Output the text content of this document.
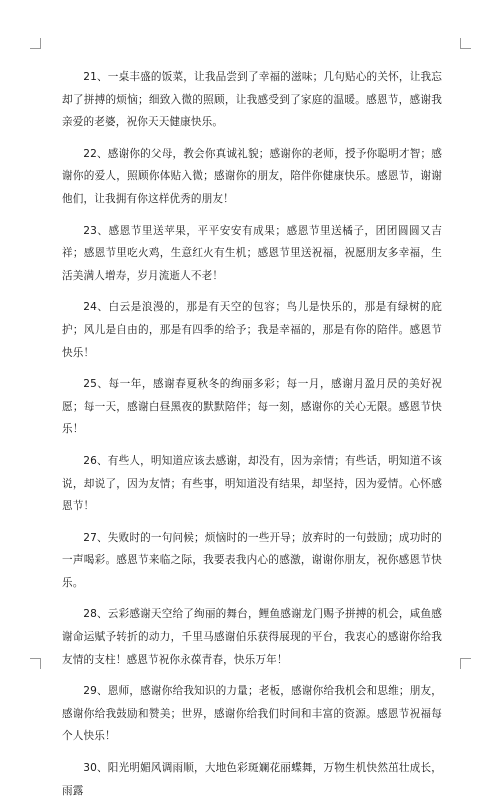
21、一桌丰盛的饭菜，让我品尝到了幸福的滋味；几句贴心的关怀，让我忘却了拼搏的烦恼；细致入微的照顾，让我感受到了家庭的温暖。感恩节，感谢我亲爱的老婆，祝你天天健康快乐。

22、感谢你的父母，教会你真诚礼貌；感谢你的老师，授予你聪明才智；感谢你的爱人，照顾你体贴入微；感谢你的朋友，陪伴你健康快乐。感恩节，谢谢他们，让我拥有你这样优秀的朋友！

23、感恩节里送苹果，平平安安有成果；感恩节里送橘子，团团圆圆又吉祥；感恩节里吃火鸡，生意红火有生机；感恩节里送祝福，祝愿朋友多幸福，生活美满人增寿，岁月流逝人不老！

24、白云是浪漫的，那是有天空的包容；鸟儿是快乐的，那是有绿树的庇护；风儿是自由的，那是有四季的给予；我是幸福的，那是有你的陪伴。感恩节快乐！

25、每一年，感谢春夏秋冬的绚丽多彩；每一月，感谢月盈月昃的美好祝愿；每一天，感谢白昼黑夜的默默陪伴；每一刻，感谢你的关心无限。感恩节快乐！

26、有些人，明知道应该去感谢，却没有，因为亲情；有些话，明知道不该说，却说了，因为友情；有些事，明知道没有结果，却坚持，因为爱情。心怀感恩节！

27、失败时的一句问候；烦恼时的一些开导；放弃时的一句鼓励；成功时的一声喝彩。感恩节来临之际，我要表我内心的感激，谢谢你朋友，祝你感恩节快乐。

28、云彩感谢天空给了绚丽的舞台，鲤鱼感谢龙门赐予拼搏的机会，咸鱼感谢命运赋予转折的动力，千里马感谢伯乐获得展现的平台，我衷心的感谢你给我友情的支柱！感恩节祝你永葆青春，快乐万年！

29、恩师，感谢你给我知识的力量；老板，感谢你给我机会和思维；朋友，感谢你给我鼓励和赞美；世界，感谢你给我们时间和丰富的资源。感恩节祝福每个人快乐！

30、阳光明媚风调雨顺，大地色彩斑斓花丽蝶舞，万物生机快然茁壮成长，雨露
